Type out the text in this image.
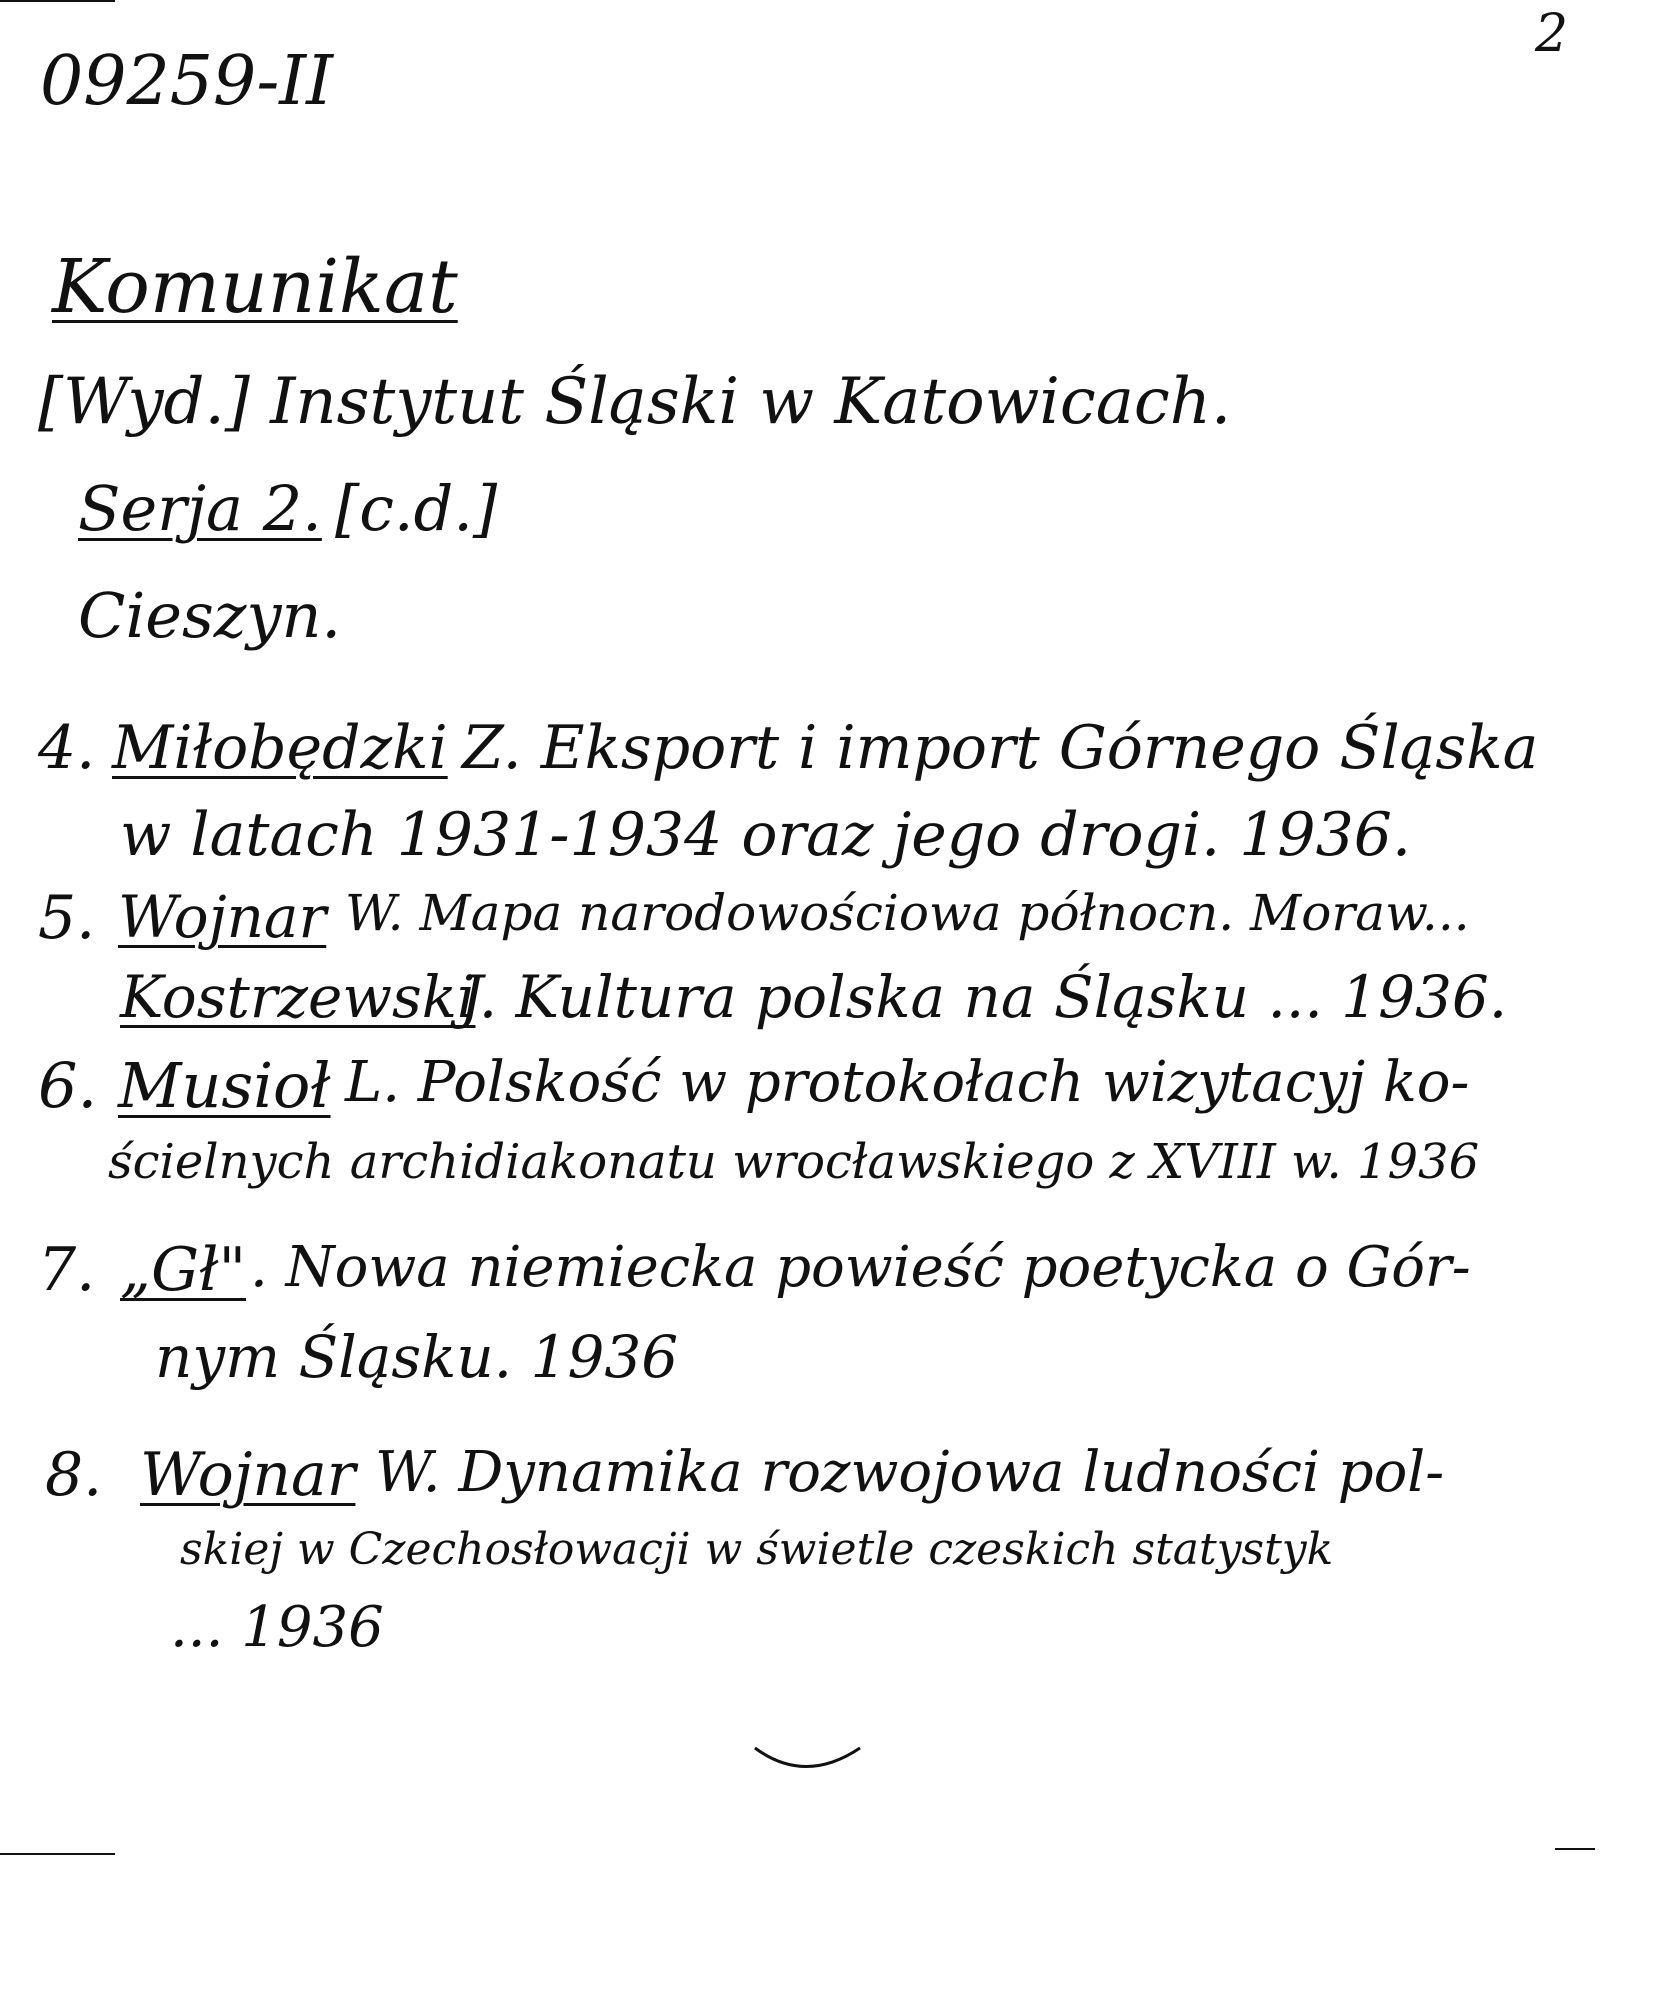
09259-II
2
Komunikat
[Wyd.] Instytut Śląski w Katowicach.
Serja 2. [c.d.]
Cieszyn.
4. Miłobędzki Z. Eksport i import Górnego Śląska
w latach 1931-1934 oraz jego drogi. 1936.
5. Wojnar W. Mapa narodowościowa północn. Moraw...
Kostrzewski
J. Kultura polska na Śląsku ... 1936.
6. Musioł L. Polskość w protokołach wizytacyj ko-
ścielnych archidiakonatu wrocławskiego z XVIII w. 1936
7. „Gł" . Nowa niemiecka powieść poetycka o Gór-
nym Śląsku. 1936
8. Wojnar W. Dynamika rozwojowa ludności pol-
skiej w Czechosłowacji w świetle czeskich statystyk
... 1936
